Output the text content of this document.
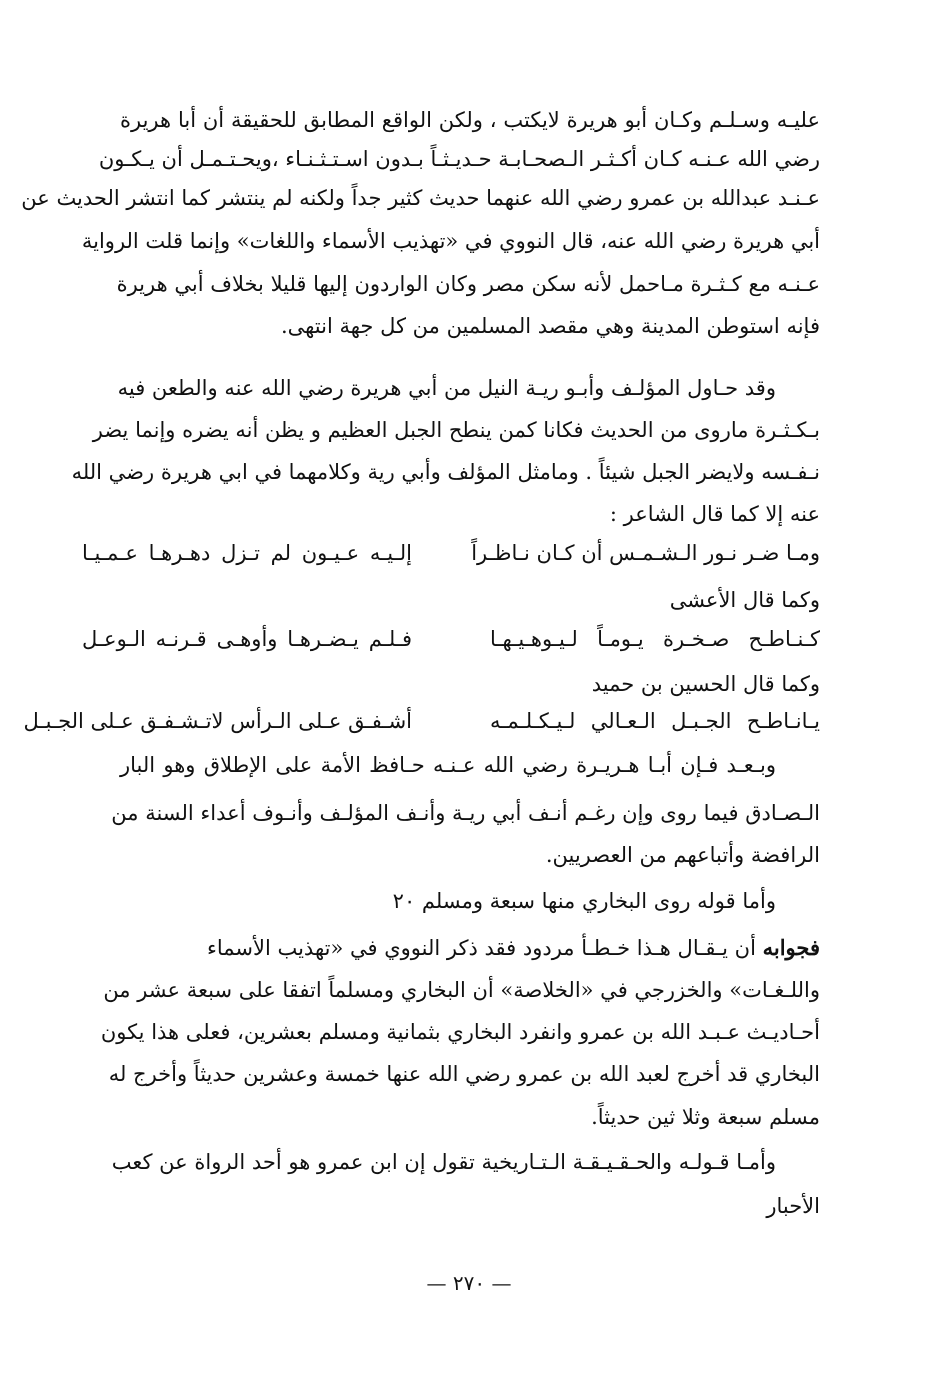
عليـه وسـلـم وكـان أبو هريرة لايكتب ، ولكن الواقع المطابق للحقيقة أن أبا هريرة
رضي الله عـنـه كـان أكـثـر الـصحـابـة حـديـثـاً بـدون اسـتـثـنـاء ،ويحـتـمـل أن يـكـون
عـنـد عبدالله بن عمرو رضي الله عنهما حديث كثير جداً ولكنه لم ينتشر كما انتشر الحديث عن
أبي هريرة رضي الله عنه، قال النووي في «تهذيب الأسماء واللغات» وإنما قلت الرواية
عـنـه مع كـثـرة مـاحمل لأنه سكن مصر وكان الواردون إليها قليلا بخلاف أبي هريرة
فإنه استوطن المدينة وهي مقصد المسلمين من كل جهة انتهى.
وقد حـاول المؤلـف وأبـو ريـة النيل من أبي هريرة رضي الله عنه والطعن فيه
بـكـثـرة ماروى من الحديث فكانا كمن ينطح الجبل العظيم و يظن أنه يضره وإنما يضر
نـفـسه ولايضر الجبل شيئاً . ومامثل المؤلف وأبي رية وكلامهما في ابي هريرة رضي الله
عنه إلا كما قال الشاعر :
ومـا ضـر نـور الـشـمـس أن كـان نـاظـراً
إلـيـه عـيـون لم تـزل دهـرهـا عـمـيـا
وكما قال الأعشى
كـنـاطـح صـخـرة يـومـاً لـيـوهـيـهـا
فـلـم يـضـرهـا وأوهـى قـرنـه الـوعـل
وكما قال الحسين بن حميد
يـانـاطـح الجـبـل الـعـالي لـيـكـلـمـه
أشـفـق عـلى الـرأس لاتـشـفـق عـلى الجـبـل
وبـعـد فـإن أبـا هـريـرة رضي الله عـنـه حـافظ الأمة على الإطلاق وهو البار
الـصـادق فيما روى وإن رغـم أنـف أبي ريـة وأنـف المؤلـف وأنـوف أعداء السنة من
الرافضة وأتباعهم من العصريين.
وأما قوله روى البخاري منها سبعة ومسلم ٢٠
فجوابه أن يـقـال هـذا خـطـأ مردود فقد ذكر النووي في «تهذيب الأسماء
واللـغـات» والخزرجي في «الخلاصة» أن البخاري ومسلماً اتفقا على سبعة عشر من
أحـاديـث عـبـد الله بن عمرو وانفرد البخاري بثمانية ومسلم بعشرين، فعلى هذا يكون
البخاري قد أخرج لعبد الله بن عمرو رضي الله عنها خمسة وعشرين حديثاً وأخرج له
مسلم سبعة وثلا ثين حديثاً.
وأمـا قـولـه والحـقـيـقـة الـتـاريخية تقول إن ابن عمرو هو أحد الرواة عن كعب
الأحبار
— ٢٧٠ —
